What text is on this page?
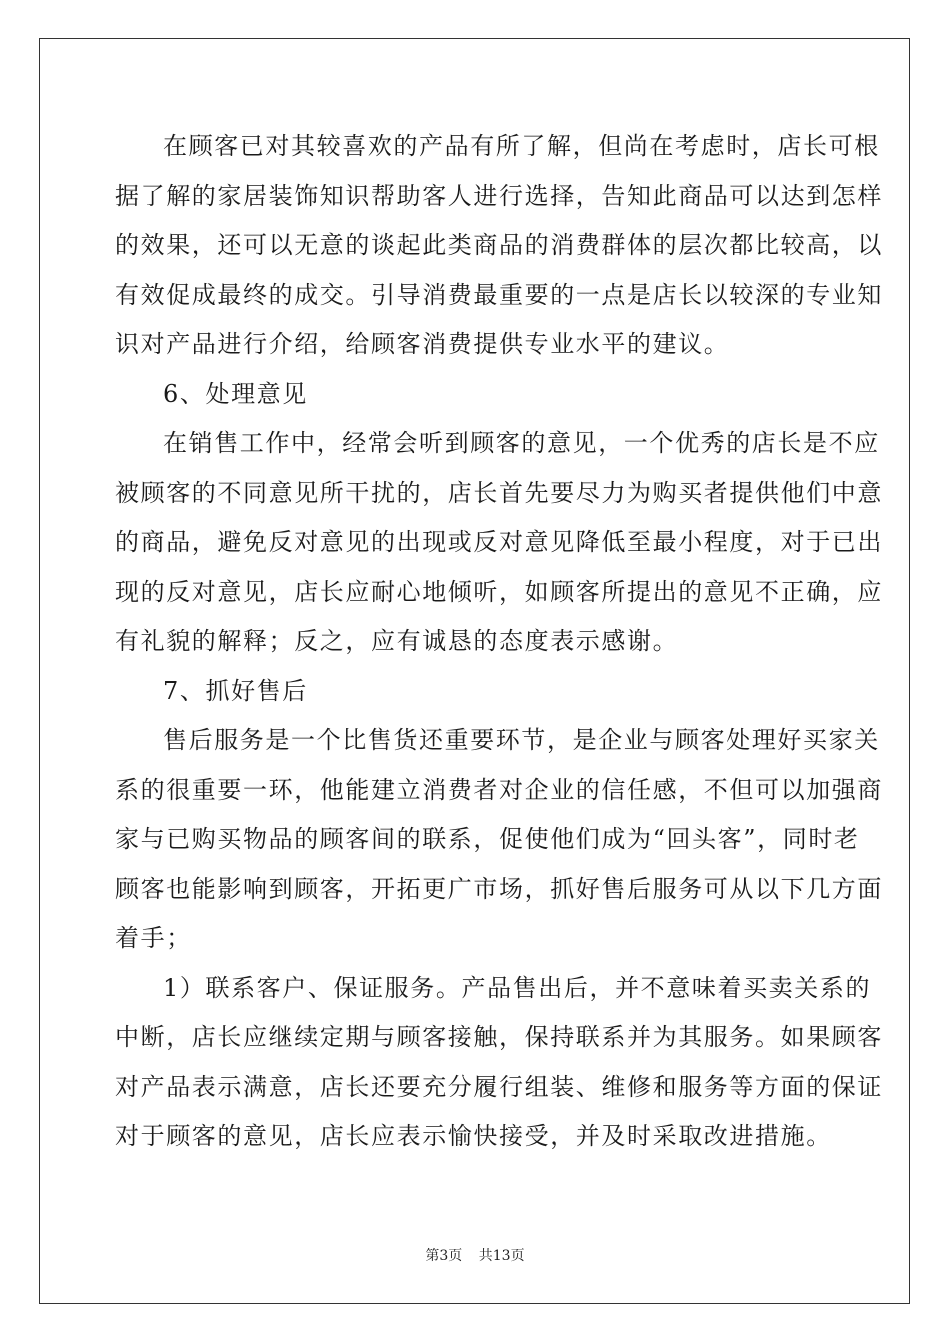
在顾客已对其较喜欢的产品有所了解，但尚在考虑时，店长可根
据了解的家居装饰知识帮助客人进行选择，告知此商品可以达到怎样
的效果，还可以无意的谈起此类商品的消费群体的层次都比较高，以
有效促成最终的成交。引导消费最重要的一点是店长以较深的专业知
识对产品进行介绍，给顾客消费提供专业水平的建议。
6、处理意见
在销售工作中，经常会听到顾客的意见，一个优秀的店长是不应
被顾客的不同意见所干扰的，店长首先要尽力为购买者提供他们中意
的商品，避免反对意见的出现或反对意见降低至最小程度，对于已出
现的反对意见，店长应耐心地倾听，如顾客所提出的意见不正确，应
有礼貌的解释；反之，应有诚恳的态度表示感谢。
7、抓好售后
售后服务是一个比售货还重要环节，是企业与顾客处理好买家关
系的很重要一环，他能建立消费者对企业的信任感，不但可以加强商
家与已购买物品的顾客间的联系，促使他们成为“回头客”，同时老
顾客也能影响到顾客，开拓更广市场，抓好售后服务可从以下几方面
着手；
1）联系客户、保证服务。产品售出后，并不意味着买卖关系的
中断，店长应继续定期与顾客接触，保持联系并为其服务。如果顾客
对产品表示满意，店长还要充分履行组装、维修和服务等方面的保证
对于顾客的意见，店长应表示愉快接受，并及时采取改进措施。
第3页 共13页
